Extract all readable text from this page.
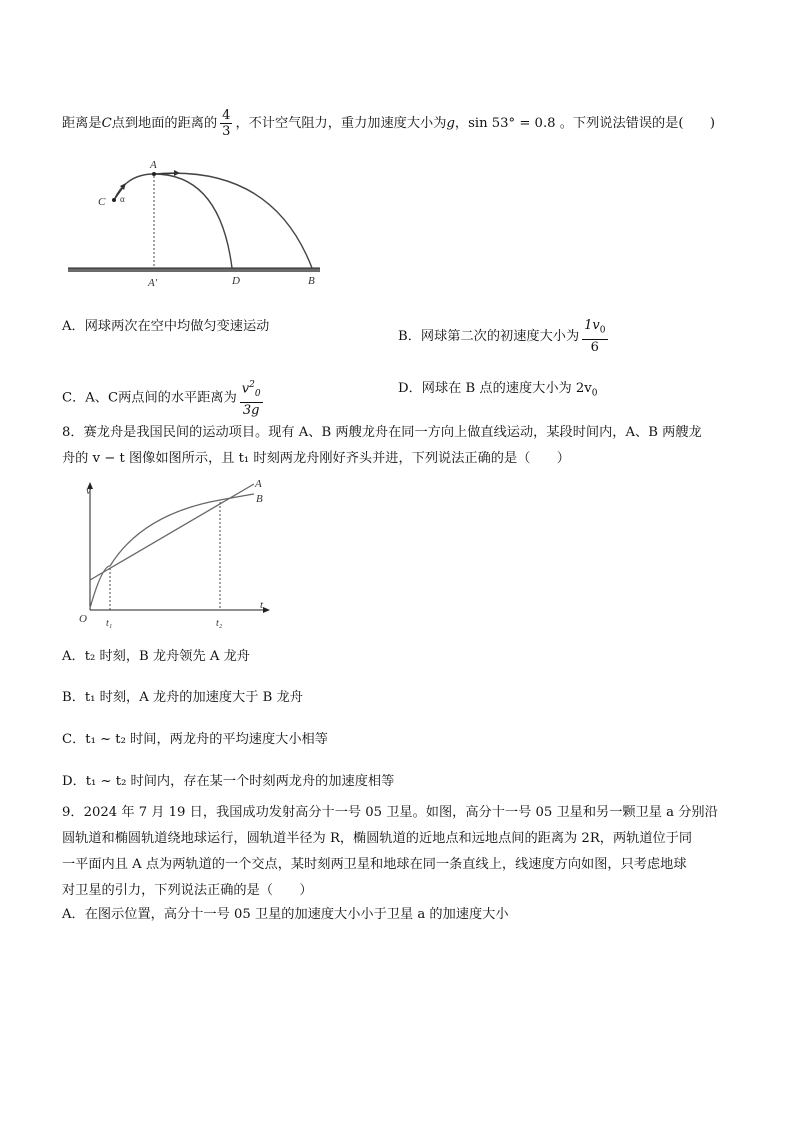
距离是C点到地面的距离的 $\frac{4}{3}$ ，不计空气阻力，重力加速度大小为g，sin 53° = 0.8 。下列说法错误的是(　　)
A
C α
A′	D	B
A．网球两次在空中均做匀变速运动
B．网球第二次的初速度大小为 $\frac{1v_0}{6}$
C．A、C两点间的水平距离为 $\frac{v^2_0}{3g}$	D．网球在 B 点的速度大小为 $2v_0$
8．赛龙舟是我国民间的运动项目。现有 A、B 两艘龙舟在同一方向上做直线运动，某段时间内，A、B 两艘龙
舟的 v − t 图像如图所示，且 t₁ 时刻两龙舟刚好齐头并进，下列说法正确的是（　　）
v
t
O t₁	t₂
A
B
A．t₂ 时刻，B 龙舟领先 A 龙舟
B．t₁ 时刻，A 龙舟的加速度大于 B 龙舟
C．t₁ ~ t₂ 时间，两龙舟的平均速度大小相等
D．t₁ ~ t₂ 时间内，存在某一个时刻两龙舟的加速度相等
9．2024 年 7 月 19 日，我国成功发射高分十一号 05 卫星。如图，高分十一号 05 卫星和另一颗卫星 a 分别沿
圆轨道和椭圆轨道绕地球运行，圆轨道半径为 R，椭圆轨道的近地点和远地点间的距离为 2R，两轨道位于同
一平面内且 A 点为两轨道的一个交点，某时刻两卫星和地球在同一条直线上，线速度方向如图，只考虑地球
对卫星的引力，下列说法正确的是（　　）
A．在图示位置，高分十一号 05 卫星的加速度大小小于卫星 a 的加速度大小
